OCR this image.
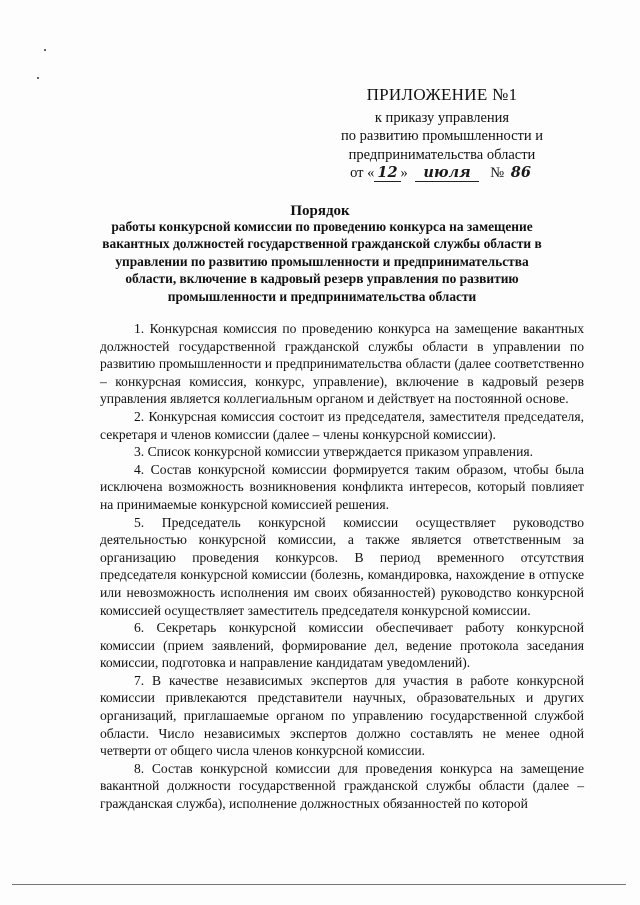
ПРИЛОЖЕНИЕ №1
к приказу управления
по развитию промышленности и
предпринимательства области
от « 12 » июля № 86
Порядок
работы конкурсной комиссии по проведению конкурса на замещение вакантных должностей государственной гражданской службы области в управлении по развитию промышленности и предпринимательства области, включение в кадровый резерв управления по развитию промышленности и предпринимательства области

1. Конкурсная комиссия по проведению конкурса на замещение вакантных должностей государственной гражданской службы области в управлении по развитию промышленности и предпринимательства области (далее соответственно – конкурсная комиссия, конкурс, управление), включение в кадровый резерв управления является коллегиальным органом и действует на постоянной основе.

2. Конкурсная комиссия состоит из председателя, заместителя председателя, секретаря и членов комиссии (далее – члены конкурсной комиссии).

3. Список конкурсной комиссии утверждается приказом управления.

4. Состав конкурсной комиссии формируется таким образом, чтобы была исключена возможность возникновения конфликта интересов, который повлияет на принимаемые конкурсной комиссией решения.

5. Председатель конкурсной комиссии осуществляет руководство деятельностью конкурсной комиссии, а также является ответственным за организацию проведения конкурсов. В период временного отсутствия председателя конкурсной комиссии (болезнь, командировка, нахождение в отпуске или невозможность исполнения им своих обязанностей) руководство конкурсной комиссией осуществляет заместитель председателя конкурсной комиссии.

6. Секретарь конкурсной комиссии обеспечивает работу конкурсной комиссии (прием заявлений, формирование дел, ведение протокола заседания комиссии, подготовка и направление кандидатам уведомлений).

7. В качестве независимых экспертов для участия в работе конкурсной комиссии привлекаются представители научных, образовательных и других организаций, приглашаемые органом по управлению государственной службой области. Число независимых экспертов должно составлять не менее одной четверти от общего числа членов конкурсной комиссии.

8. Состав конкурсной комиссии для проведения конкурса на замещение вакантной должности государственной гражданской службы области (далее – гражданская служба), исполнение должностных обязанностей по которой
